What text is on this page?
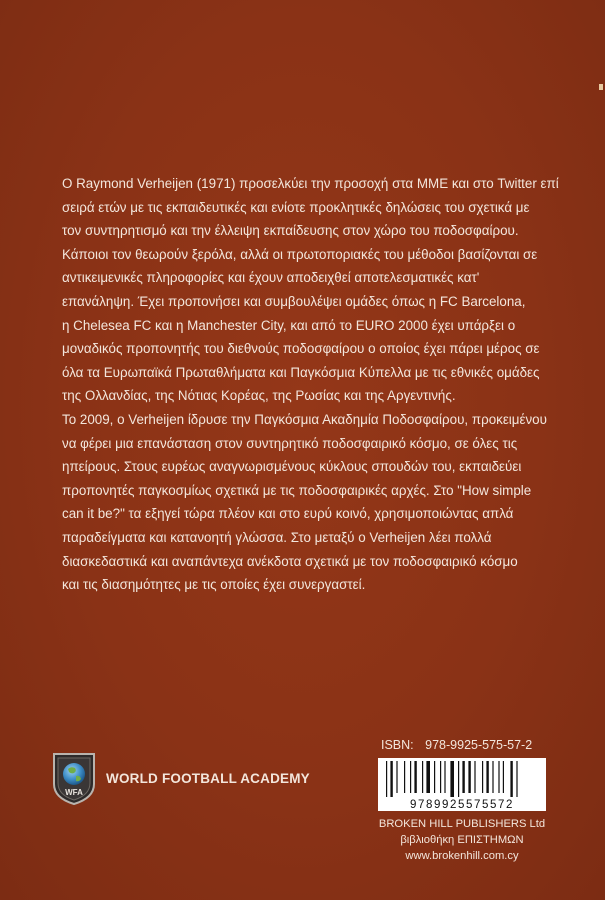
Ο Raymond Verheijen (1971) προσελκύει την προσοχή στα ΜΜΕ και στο Twitter επί
σειρά ετών με τις εκπαιδευτικές και ενίοτε προκλητικές δηλώσεις του σχετικά με
τον συντηρητισμό και την έλλειψη εκπαίδευσης στον χώρο του ποδοσφαίρου.
Κάποιοι τον θεωρούν ξερόλα, αλλά οι πρωτοποριακές του μέθοδοι βασίζονται σε
αντικειμενικές πληροφορίες και έχουν αποδειχθεί αποτελεσματικές κατ'
επανάληψη. Έχει προπονήσει και συμβουλέψει ομάδες όπως η FC Barcelona,
η Chelesea FC και η Manchester City, και από το EURO 2000 έχει υπάρξει ο
μοναδικός προπονητής του διεθνούς ποδοσφαίρου ο οποίος έχει πάρει μέρος σε
όλα τα Ευρωπαϊκά Πρωταθλήματα και Παγκόσμια Κύπελλα με τις εθνικές ομάδες
της Ολλανδίας, της Νότιας Κορέας, της Ρωσίας και της Αργεντινής.

Το 2009, ο Verheijen ίδρυσε την Παγκόσμια Ακαδημία Ποδοσφαίρου, προκειμένου
να φέρει μια επανάσταση στον συντηρητικό ποδοσφαιρικό κόσμο, σε όλες τις
ηπείρους. Στους ευρέως αναγνωρισμένους κύκλους σπουδών του, εκπαιδεύει
προπονητές παγκοσμίως σχετικά με τις ποδοσφαιρικές αρχές. Στο "How simple
can it be?" τα εξηγεί τώρα πλέον και στο ευρύ κοινό, χρησιμοποιώντας απλά
παραδείγματα και κατανοητή γλώσσα. Στο μεταξύ ο Verheijen λέει πολλά
διασκεδαστικά και αναπάντεχα ανέκδοτα σχετικά με τον ποδοσφαιρικό κόσμο
και τις διασημότητες με τις οποίες έχει συνεργαστεί.

WFA
WORLD FOOTBALL ACADEMY
ISBN: 978-9925-575-57-2
9789925575572
BROKEN HILL PUBLISHERS Ltd
βιβλιοθήκη ΕΠΙΣΤΗΜΩΝ
www.brokenhill.com.cy
